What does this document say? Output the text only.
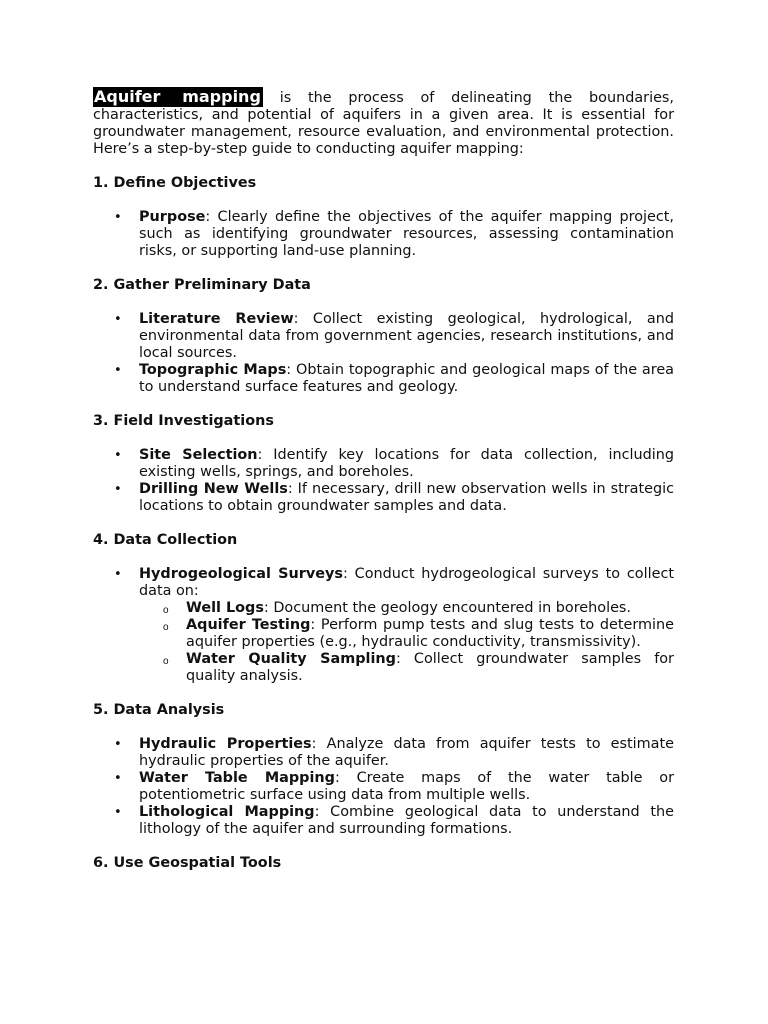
Aquifer mapping is the process of delineating the boundaries, characteristics, and potential of aquifers in a given area. It is essential for groundwater management, resource evaluation, and environmental protection. Here’s a step-by-step guide to conducting aquifer mapping:

1. Define Objectives
• Purpose: Clearly define the objectives of the aquifer mapping project, such as identifying groundwater resources, assessing contamination risks, or supporting land-use planning.
2. Gather Preliminary Data
• Literature Review: Collect existing geological, hydrological, and environmental data from government agencies, research institutions, and local sources.
• Topographic Maps: Obtain topographic and geological maps of the area to understand surface features and geology.
3. Field Investigations
• Site Selection: Identify key locations for data collection, including existing wells, springs, and boreholes.
• Drilling New Wells: If necessary, drill new observation wells in strategic locations to obtain groundwater samples and data.
4. Data Collection
• Hydrogeological Surveys: Conduct hydrogeological surveys to collect data on:
o Well Logs: Document the geology encountered in boreholes.
o Aquifer Testing: Perform pump tests and slug tests to determine aquifer properties (e.g., hydraulic conductivity, transmissivity).
o Water Quality Sampling: Collect groundwater samples for quality analysis.
5. Data Analysis
• Hydraulic Properties: Analyze data from aquifer tests to estimate hydraulic properties of the aquifer.
• Water Table Mapping: Create maps of the water table or potentiometric surface using data from multiple wells.
• Lithological Mapping: Combine geological data to understand the lithology of the aquifer and surrounding formations.
6. Use Geospatial Tools
